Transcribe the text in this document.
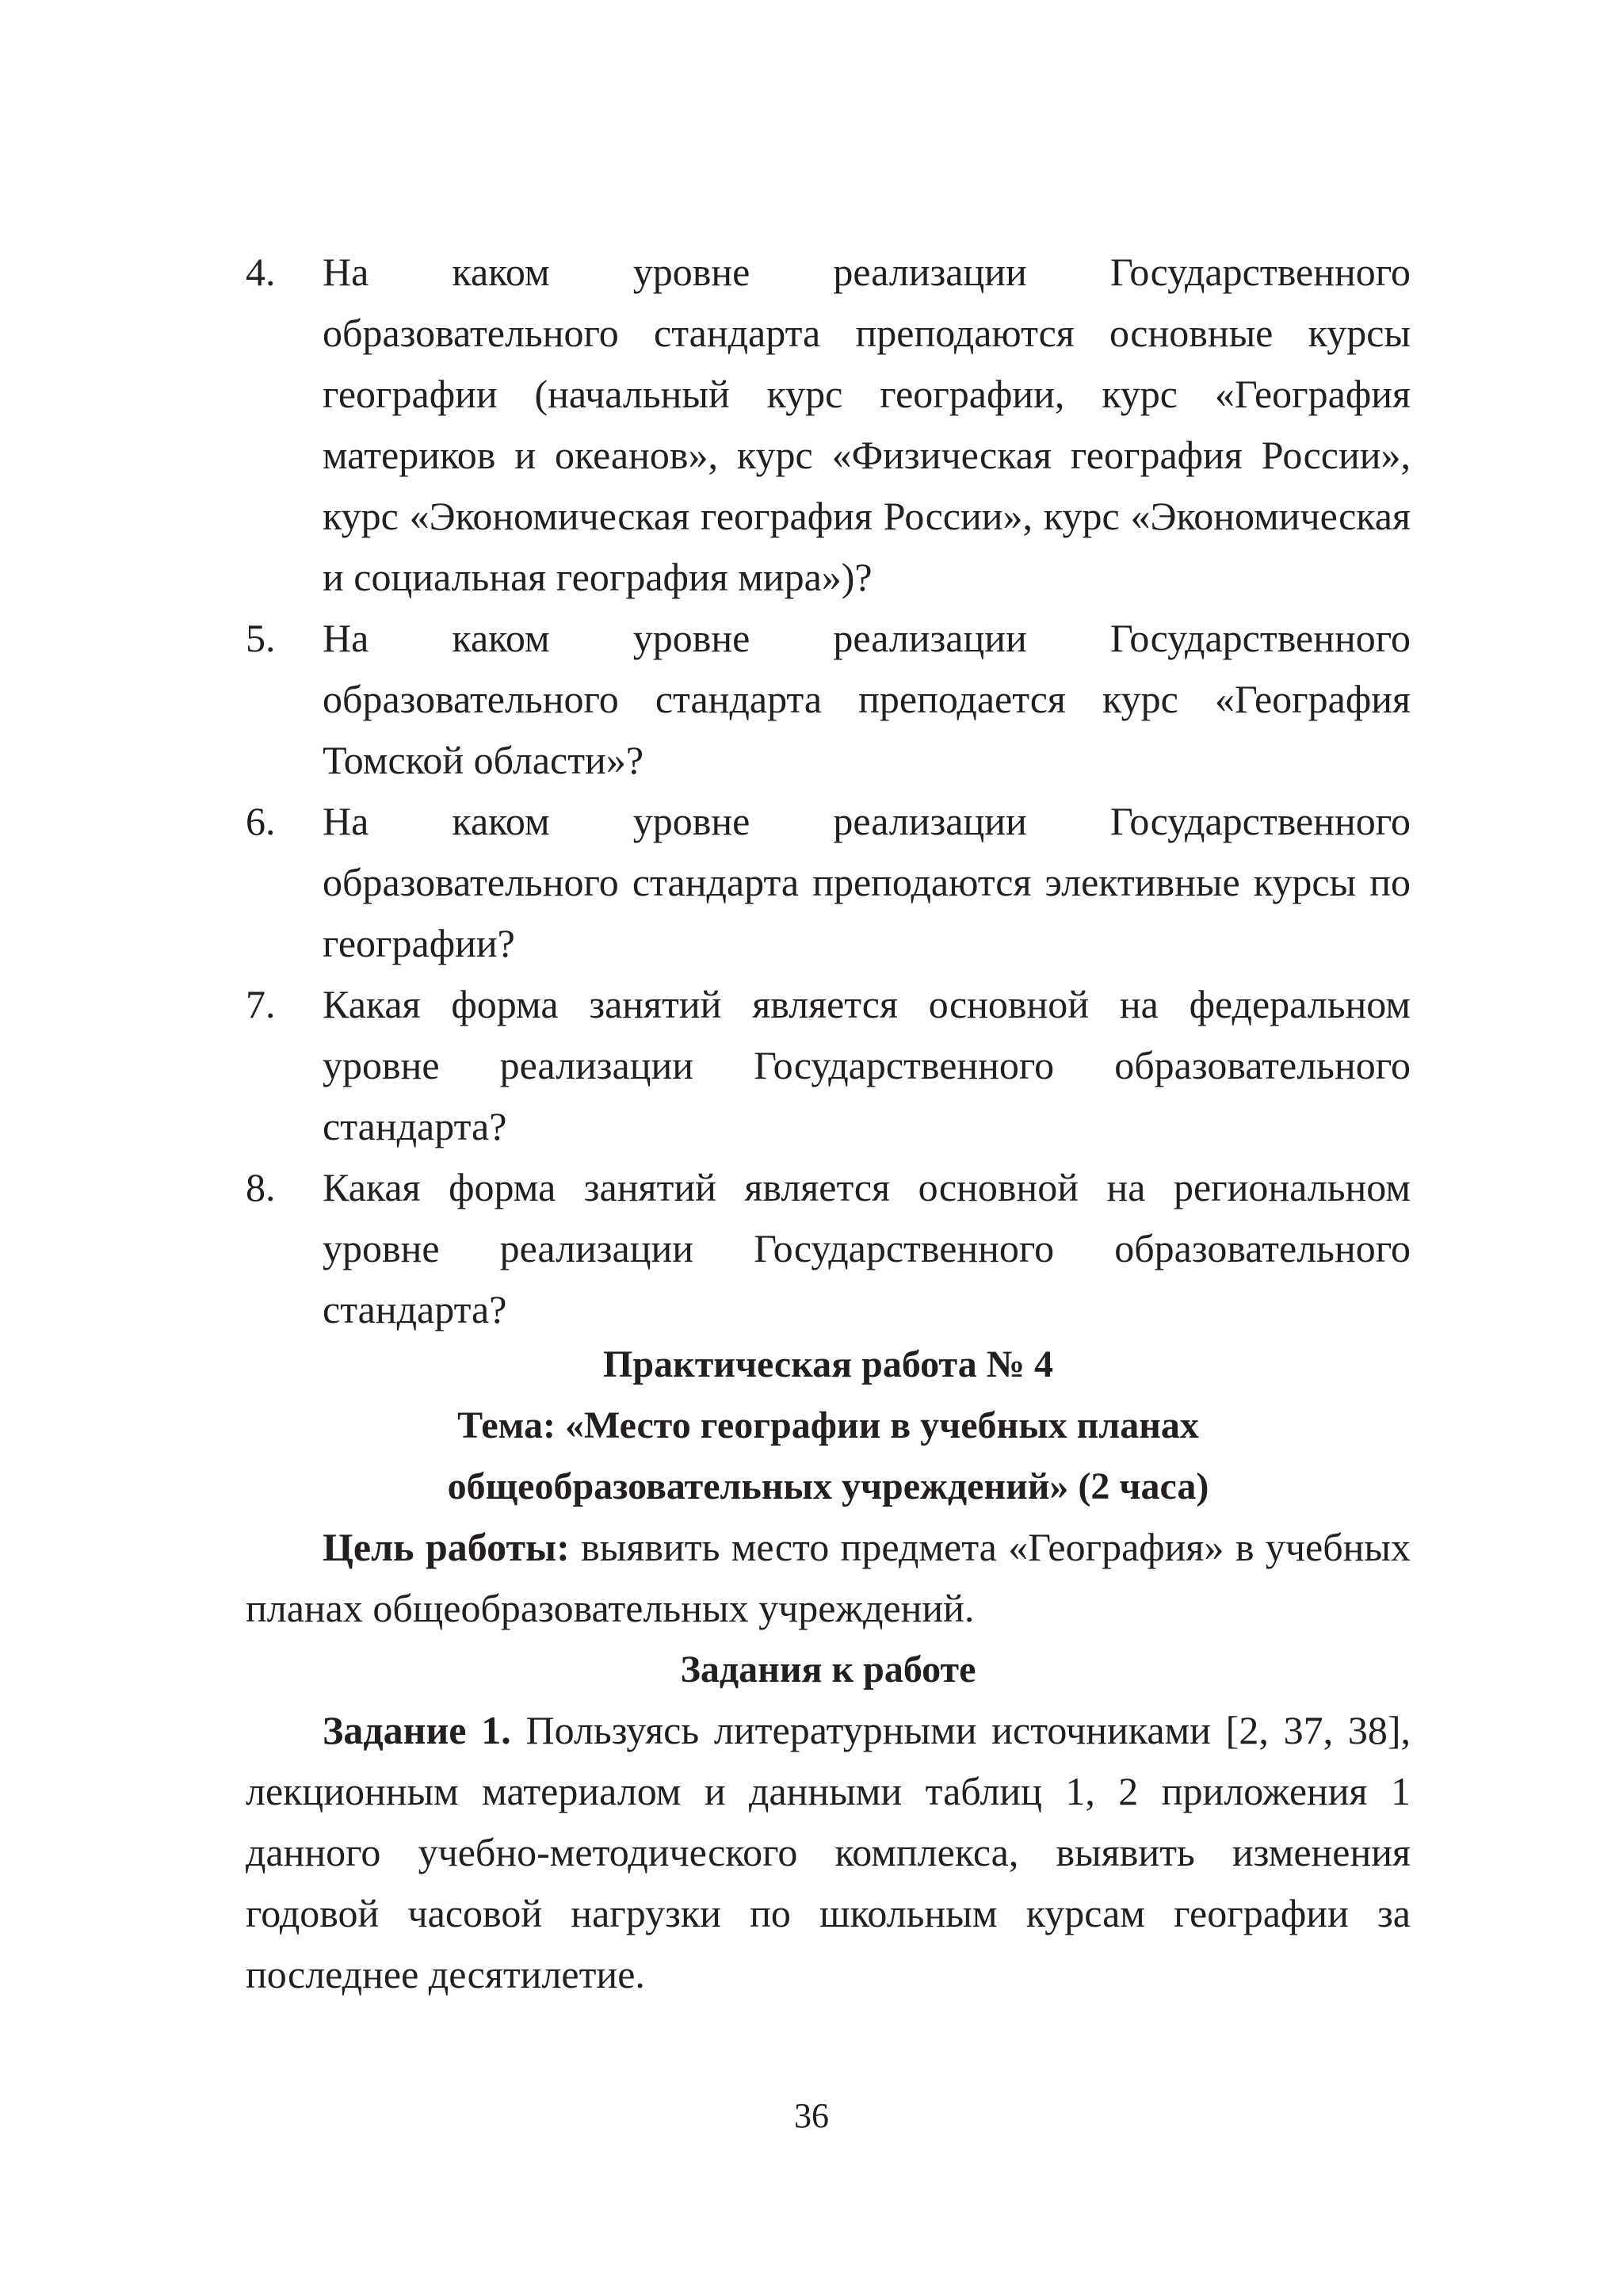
4. На каком уровне реализации Государственного образовательного стандарта преподаются основные курсы географии (начальный курс географии, курс «География материков и океанов», курс «Физическая география России», курс «Экономическая география России», курс «Экономическая и социальная география мира»)?
5. На каком уровне реализации Государственного образовательного стандарта преподается курс «География Томской области»?
6. На каком уровне реализации Государственного образовательного стандарта преподаются элективные курсы по географии?
7. Какая форма занятий является основной на федеральном уровне реализации Государственного образовательного стандарта?
8. Какая форма занятий является основной на региональном уровне реализации Государственного образовательного стандарта?

Практическая работа № 4

Тема: «Место географии в учебных планах

общеобразовательных учреждений» (2 часа)

Цель работы: выявить место предмета «География» в учебных планах общеобразовательных учреждений.

Задания к работе

Задание 1. Пользуясь литературными источниками [2, 37, 38], лекционным материалом и данными таблиц 1, 2 приложения 1 данного учебно-методического комплекса, выявить изменения годовой часовой нагрузки по школьным курсам географии за последнее десятилетие.

36
